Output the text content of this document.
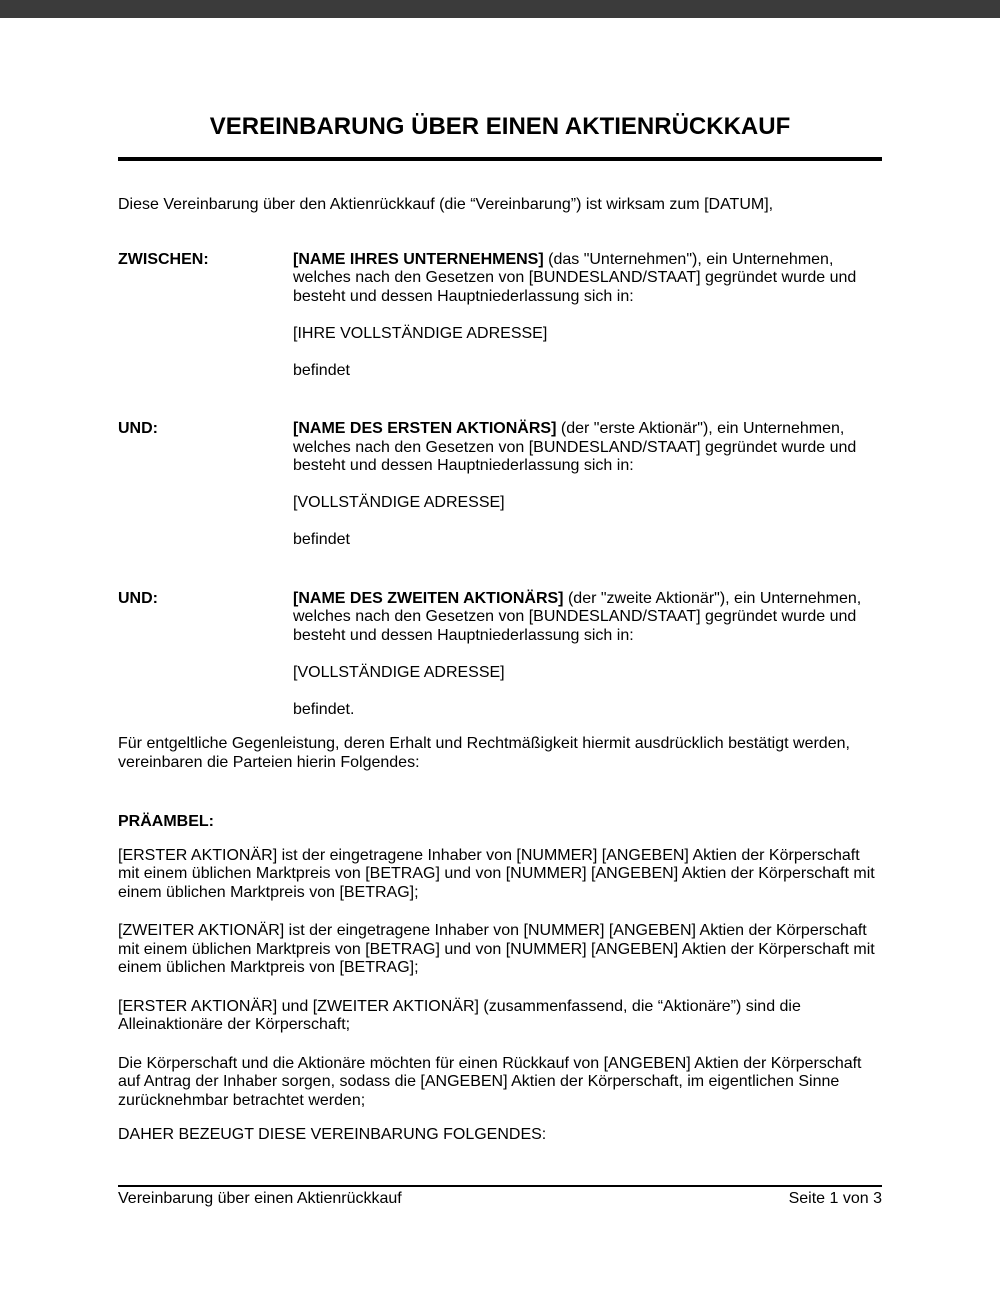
VEREINBARUNG ÜBER EINEN AKTIENRÜCKKAUF

Diese Vereinbarung über den Aktienrückkauf (die “Vereinbarung”) ist wirksam zum [DATUM],

ZWISCHEN:	[NAME IHRES UNTERNEHMENS] (das "Unternehmen"), ein Unternehmen, welches nach den Gesetzen von [BUNDESLAND/STAAT] gegründet wurde und besteht und dessen Hauptniederlassung sich in:

[IHRE VOLLSTÄNDIGE ADRESSE]

befindet

UND:	[NAME DES ERSTEN AKTIONÄRS] (der "erste Aktionär"), ein Unternehmen, welches nach den Gesetzen von [BUNDESLAND/STAAT] gegründet wurde und besteht und dessen Hauptniederlassung sich in:

[VOLLSTÄNDIGE ADRESSE]

befindet

UND:	[NAME DES ZWEITEN AKTIONÄRS] (der "zweite Aktionär"), ein Unternehmen, welches nach den Gesetzen von [BUNDESLAND/STAAT] gegründet wurde und besteht und dessen Hauptniederlassung sich in:

[VOLLSTÄNDIGE ADRESSE]

befindet.

Für entgeltliche Gegenleistung, deren Erhalt und Rechtmäßigkeit hiermit ausdrücklich bestätigt werden, vereinbaren die Parteien hierin Folgendes:

PRÄAMBEL:

[ERSTER AKTIONÄR] ist der eingetragene Inhaber von [NUMMER] [ANGEBEN] Aktien der Körperschaft mit einem üblichen Marktpreis von [BETRAG] und von [NUMMER] [ANGEBEN] Aktien der Körperschaft mit einem üblichen Marktpreis von [BETRAG];

[ZWEITER AKTIONÄR] ist der eingetragene Inhaber von [NUMMER] [ANGEBEN] Aktien der Körperschaft mit einem üblichen Marktpreis von [BETRAG] und von [NUMMER] [ANGEBEN] Aktien der Körperschaft mit einem üblichen Marktpreis von [BETRAG];

[ERSTER AKTIONÄR] und [ZWEITER AKTIONÄR] (zusammenfassend, die “Aktionäre”) sind die Alleinaktionäre der Körperschaft;

Die Körperschaft und die Aktionäre möchten für einen Rückkauf von [ANGEBEN] Aktien der Körperschaft auf Antrag der Inhaber sorgen, sodass die [ANGEBEN] Aktien der Körperschaft, im eigentlichen Sinne zurücknehmbar betrachtet werden;

DAHER BEZEUGT DIESE VEREINBARUNG FOLGENDES:

Vereinbarung über einen Aktienrückkauf	Seite 1 von 3
